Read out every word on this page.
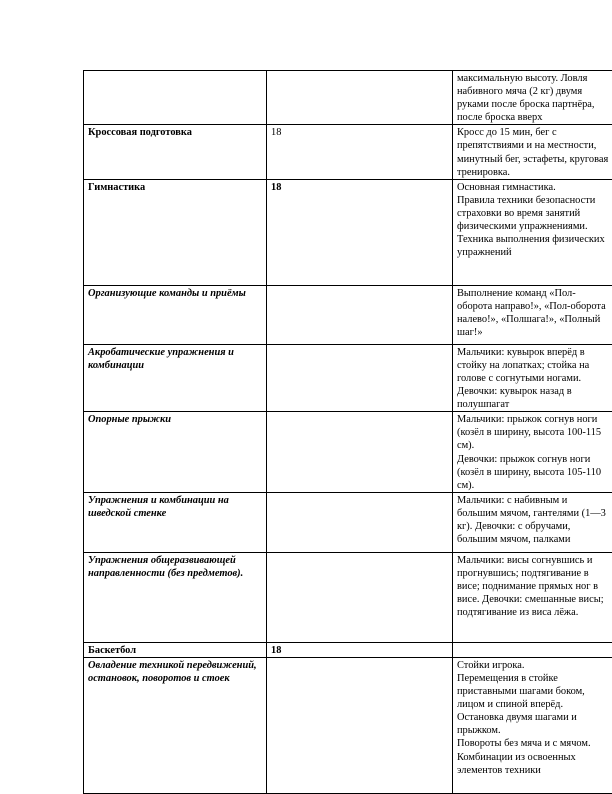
		максимальную высоту. Ловля набивного мяча (2 кг) двумя руками после броска партнёра, после броска вверх
Кроссовая подготовка	18	Кросс до 15 мин, бег с препятствиями и на местности, минутный бег, эстафеты, круговая тренировка.
Гимнастика	18	Основная гимнастика.
Правила техники безопасности страховки во время занятий физическими упражнениями.
Техника выполнения физических упражнений
Организующие команды и приёмы		Выполнение команд «Пол-оборота направо!», «Пол-оборота налево!», «Полшага!», «Полный шаг!»
Акробатические упражнения и комбинации		Мальчики: кувырок вперёд в стойку на лопатках; стойка на голове с согнутыми ногами.
Девочки: кувырок назад в полушпагат
Опорные прыжки		Мальчики: прыжок согнув ноги (козёл в ширину, высота 100-115 см).
Девочки: прыжок согнув ноги (козёл в ширину, высота 105-110 см).
Упражнения и комбинации на шведской стенке		Мальчики: с набивным и большим мячом, гантелями (1—3 кг). Девочки: с обручами, большим мячом, палками
Упражнения общеразвивающей направленности (без предметов).		Мальчики: висы согнувшись и прогнувшись; подтягивание в висе; поднимание прямых ног в висе. Девочки: смешанные висы; подтягивание из виса лёжа.
Баскетбол	18	
Овладение техникой передвижений, остановок, поворотов и стоек		Стойки игрока.
Перемещения в стойке приставными шагами боком, лицом и спиной вперёд.
Остановка двумя шагами и прыжком.
Повороты без мяча и с мячом.
Комбинации из освоенных элементов техники
